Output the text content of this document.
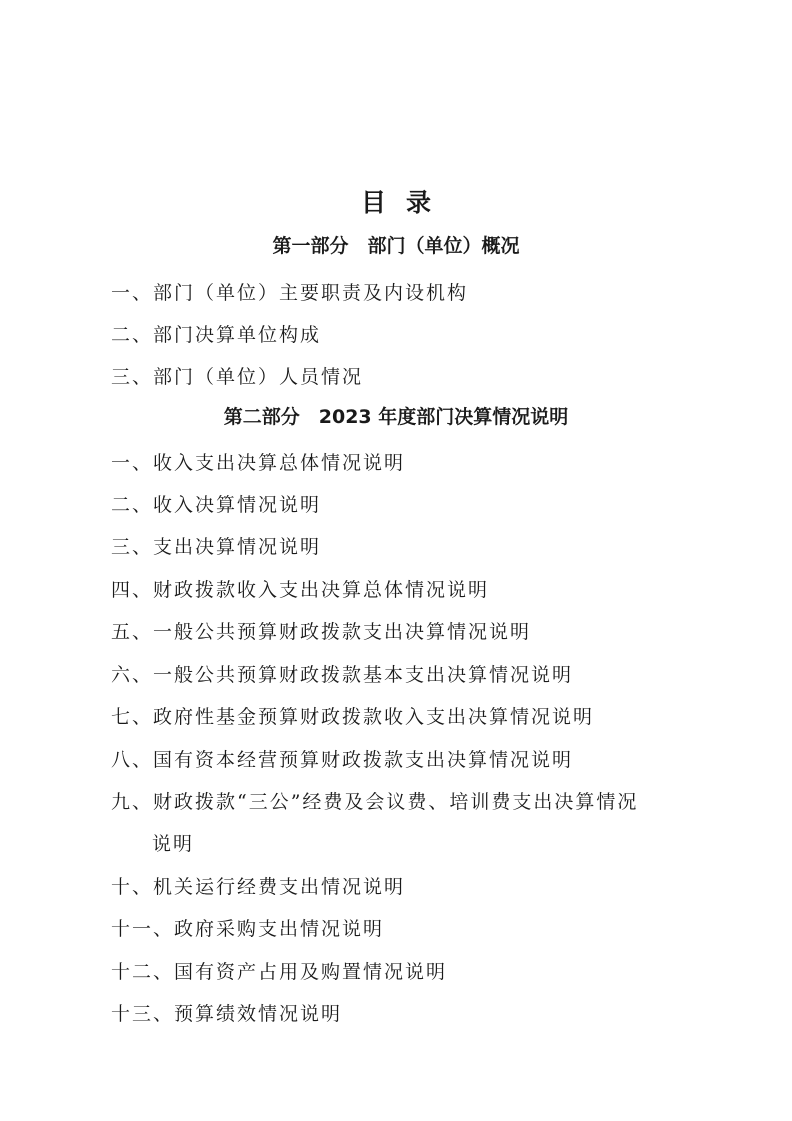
目录
第一部分　部门（单位）概况
一、部门（单位）主要职责及内设机构
二、部门决算单位构成
三、部门（单位）人员情况
第二部分　2023 年度部门决算情况说明
一、收入支出决算总体情况说明
二、收入决算情况说明
三、支出决算情况说明
四、财政拨款收入支出决算总体情况说明
五、一般公共预算财政拨款支出决算情况说明
六、一般公共预算财政拨款基本支出决算情况说明
七、政府性基金预算财政拨款收入支出决算情况说明
八、国有资本经营预算财政拨款支出决算情况说明
九、财政拨款“三公”经费及会议费、培训费支出决算情况
说明
十、机关运行经费支出情况说明
十一、政府采购支出情况说明
十二、国有资产占用及购置情况说明
十三、预算绩效情况说明
